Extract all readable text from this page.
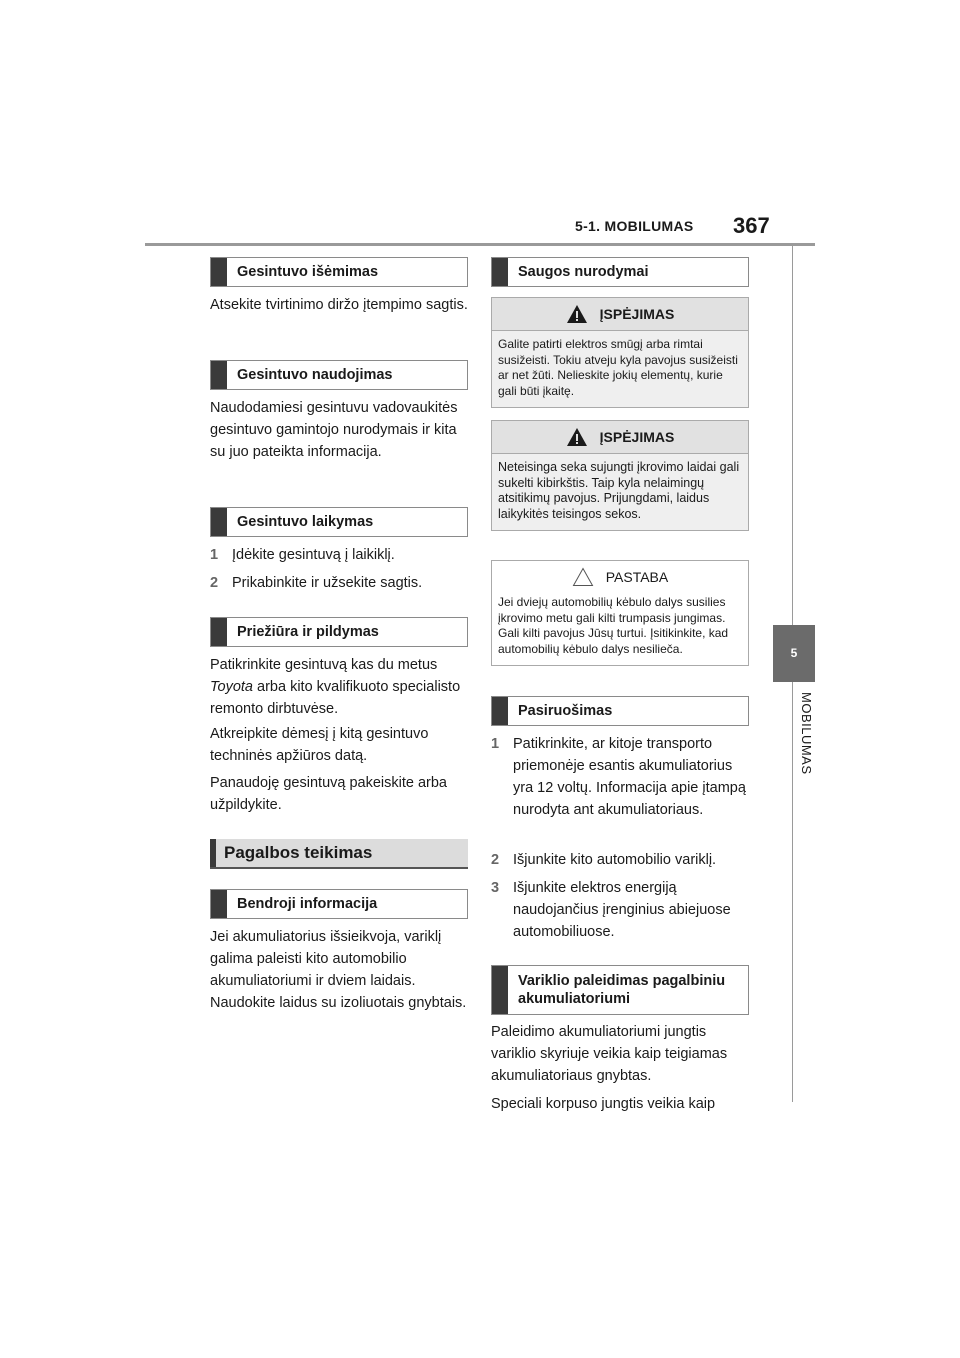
5-1. MOBILUMAS 367
5
MOBILUMAS
Gesintuvo išėmimas
Atsekite tvirtinimo diržo įtempimo sagtis.
Gesintuvo naudojimas
Naudodamiesi gesintuvu vadovaukitės gesintuvo gamintojo nurodymais ir kita su juo pateikta informacija.
Gesintuvo laikymas
1 Įdėkite gesintuvą į laikiklį.
2 Prikabinkite ir užsekite sagtis.
Priežiūra ir pildymas
Patikrinkite gesintuvą kas du metus Toyota arba kito kvalifikuoto specialisto remonto dirbtuvėse.
Atkreipkite dėmesį į kitą gesintuvo techninės apžiūros datą.
Panaudoję gesintuvą pakeiskite arba užpildykite.
Pagalbos teikimas
Bendroji informacija
Jei akumuliatorius išsieikvoja, variklį galima paleisti kito automobilio akumuliatoriumi ir dviem laidais. Naudokite laidus su izoliuotais gnybtais.
Saugos nurodymai
ĮSPĖJIMAS
Galite patirti elektros smūgį arba rimtai susižeisti. Tokiu atveju kyla pavojus susižeisti ar net žūti. Nelieskite jokių elementų, kurie gali būti įkaitę.
ĮSPĖJIMAS
Neteisinga seka sujungti įkrovimo laidai gali sukelti kibirkštis. Taip kyla nelaimingų atsitikimų pavojus. Prijungdami, laidus laikykitės teisingos sekos.
PASTABA
Jei dviejų automobilių kėbulo dalys susilies įkrovimo metu gali kilti trumpasis jungimas. Gali kilti pavojus Jūsų turtui. Įsitikinkite, kad automobilių kėbulo dalys nesilieča.
Pasiruošimas
1 Patikrinkite, ar kitoje transporto priemonėje esantis akumuliatorius yra 12 voltų. Informacija apie įtampą nurodyta ant akumuliatoriaus.
2 Išjunkite kito automobilio variklį.
3 Išjunkite elektros energiją naudojančius įrenginius abiejuose automobiliuose.
Variklio paleidimas pagalbiniu akumuliatoriumi
Paleidimo akumuliatoriumi jungtis variklio skyriuje veikia kaip teigiamas akumuliatoriaus gnybtas.
Speciali korpuso jungtis veikia kaip
